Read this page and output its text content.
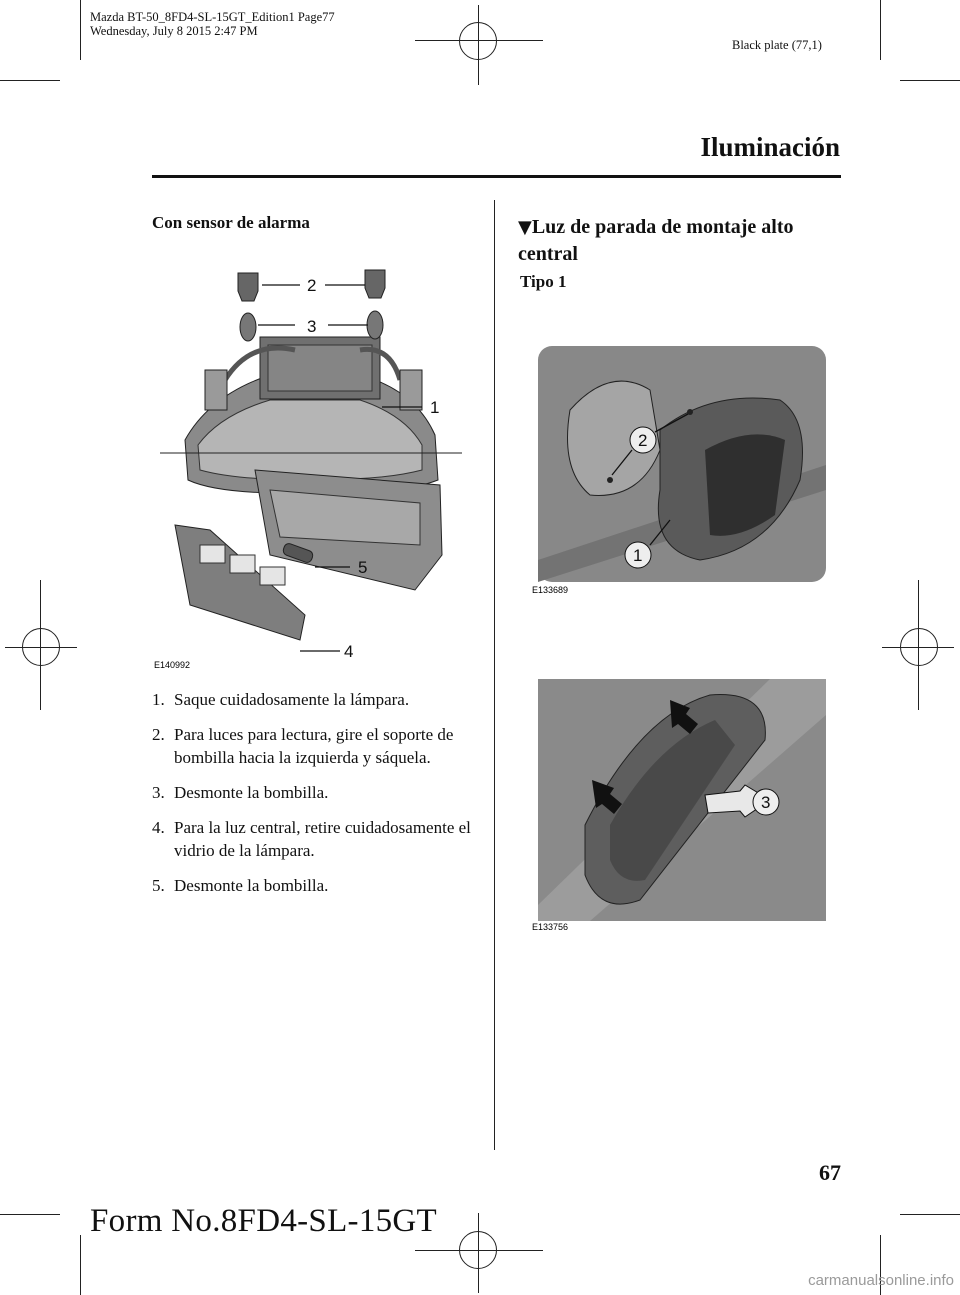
Mazda BT-50_8FD4-SL-15GT_Edition1 Page77
Wednesday, July 8 2015 2:47 PM
Black plate (77,1)
Iluminación
Con sensor de alarma
2
3
1
5
4
E140992
1. Saque cuidadosamente la lámpara.
2. Para luces para lectura, gire el soporte de bombilla hacia la izquierda y sáquela.
3. Desmonte la bombilla.
4. Para la luz central, retire cuidadosamente el vidrio de la lámpara.
5. Desmonte la bombilla.
▼Luz de parada de montaje alto central
Tipo 1
2
1
E133689
3
E133756
67
Form No.8FD4-SL-15GT
carmanualsonline.info
